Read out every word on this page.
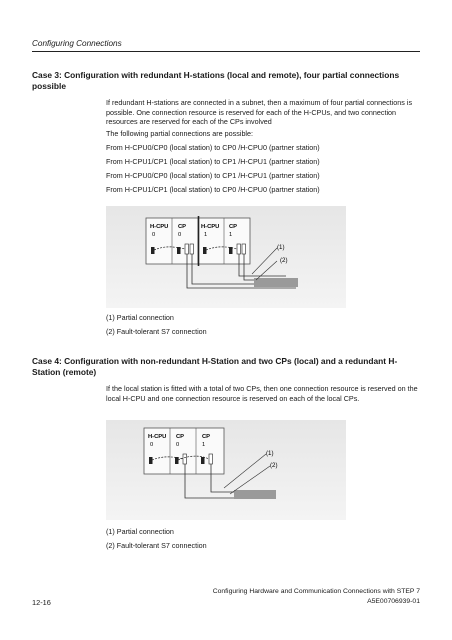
Configuring Connections
Case 3: Configuration with redundant H-stations (local and remote), four partial connections possible
If redundant H-stations are connected in a subnet, then a maximum of four partial connections is possible. One connection resource is reserved for each of the H-CPUs, and two connection resources are reserved for each of the CPs involved
The following partial connections are possible:
From H-CPU0/CP0 (local station) to CP0 /H-CPU0 (partner station)
From H-CPU1/CP1 (local station) to CP1 /H-CPU1 (partner station)
From H-CPU0/CP0 (local station) to CP1 /H-CPU1 (partner station)
From H-CPU1/CP1 (local station) to CP0 /H-CPU0 (partner station)
H-CPU
0
CP
0
H-CPU
1
CP
1
(1)
(2)
(1) Partial connection
(2) Fault-tolerant S7 connection
Case 4: Configuration with non-redundant H-Station and two CPs (local) and a redundant H-Station (remote)
If the local station is fitted with a total of two CPs, then one connection resource is reserved on the local H-CPU and one connection resource is reserved on each of the local CPs.
H-CPU
0
CP
0
CP
1
(1)
(2)
(1) Partial connection
(2) Fault-tolerant S7 connection
Configuring Hardware and Communication Connections with STEP 7
A5E00706939-01
12-16
